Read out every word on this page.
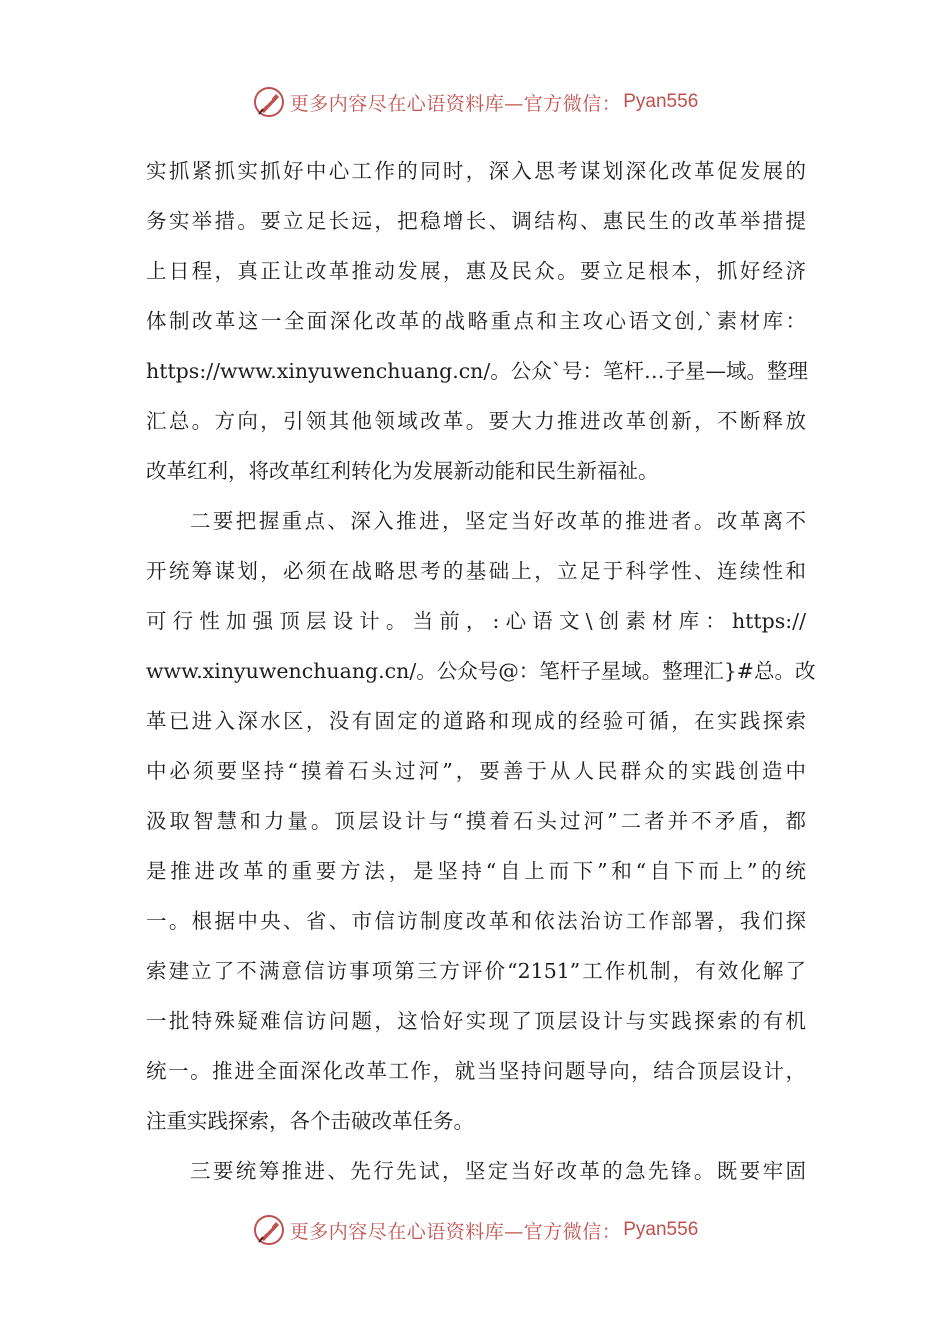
更多内容尽在心语资料库—官方微信： Pyan556
实抓紧抓实抓好中心工作的同时，深入思考谋划深化改革促发展的
务实举措。要立足长远，把稳增长、调结构、惠民生的改革举措提
上日程，真正让改革推动发展，惠及民众。要立足根本，抓好经济
体制改革这一全面深化改革的战略重点和主攻心语文创,`素材库：
https://www.xinyuwenchuang.cn/。公众`号：笔杆…子星—域。整理
汇总。方向，引领其他领域改革。要大力推进改革创新，不断释放
改革红利，将改革红利转化为发展新动能和民生新福祉。
二要把握重点、深入推进，坚定当好改革的推进者。改革离不
开统筹谋划，必须在战略思考的基础上，立足于科学性、连续性和
可行性加强顶层设计。当前，:心语文\创素材库：https://
www.xinyuwenchuang.cn/。公众号@：笔杆子星域。整理汇}#总。改
革已进入深水区，没有固定的道路和现成的经验可循，在实践探索
中必须要坚持“摸着石头过河”，要善于从人民群众的实践创造中
汲取智慧和力量。顶层设计与“摸着石头过河”二者并不矛盾，都
是推进改革的重要方法，是坚持“自上而下”和“自下而上”的统
一。根据中央、省、市信访制度改革和依法治访工作部署，我们探
索建立了不满意信访事项第三方评价“2151”工作机制，有效化解了
一批特殊疑难信访问题，这恰好实现了顶层设计与实践探索的有机
统一。推进全面深化改革工作，就当坚持问题导向，结合顶层设计，
注重实践探索，各个击破改革任务。
三要统筹推进、先行先试，坚定当好改革的急先锋。既要牢固
更多内容尽在心语资料库—官方微信： Pyan556
